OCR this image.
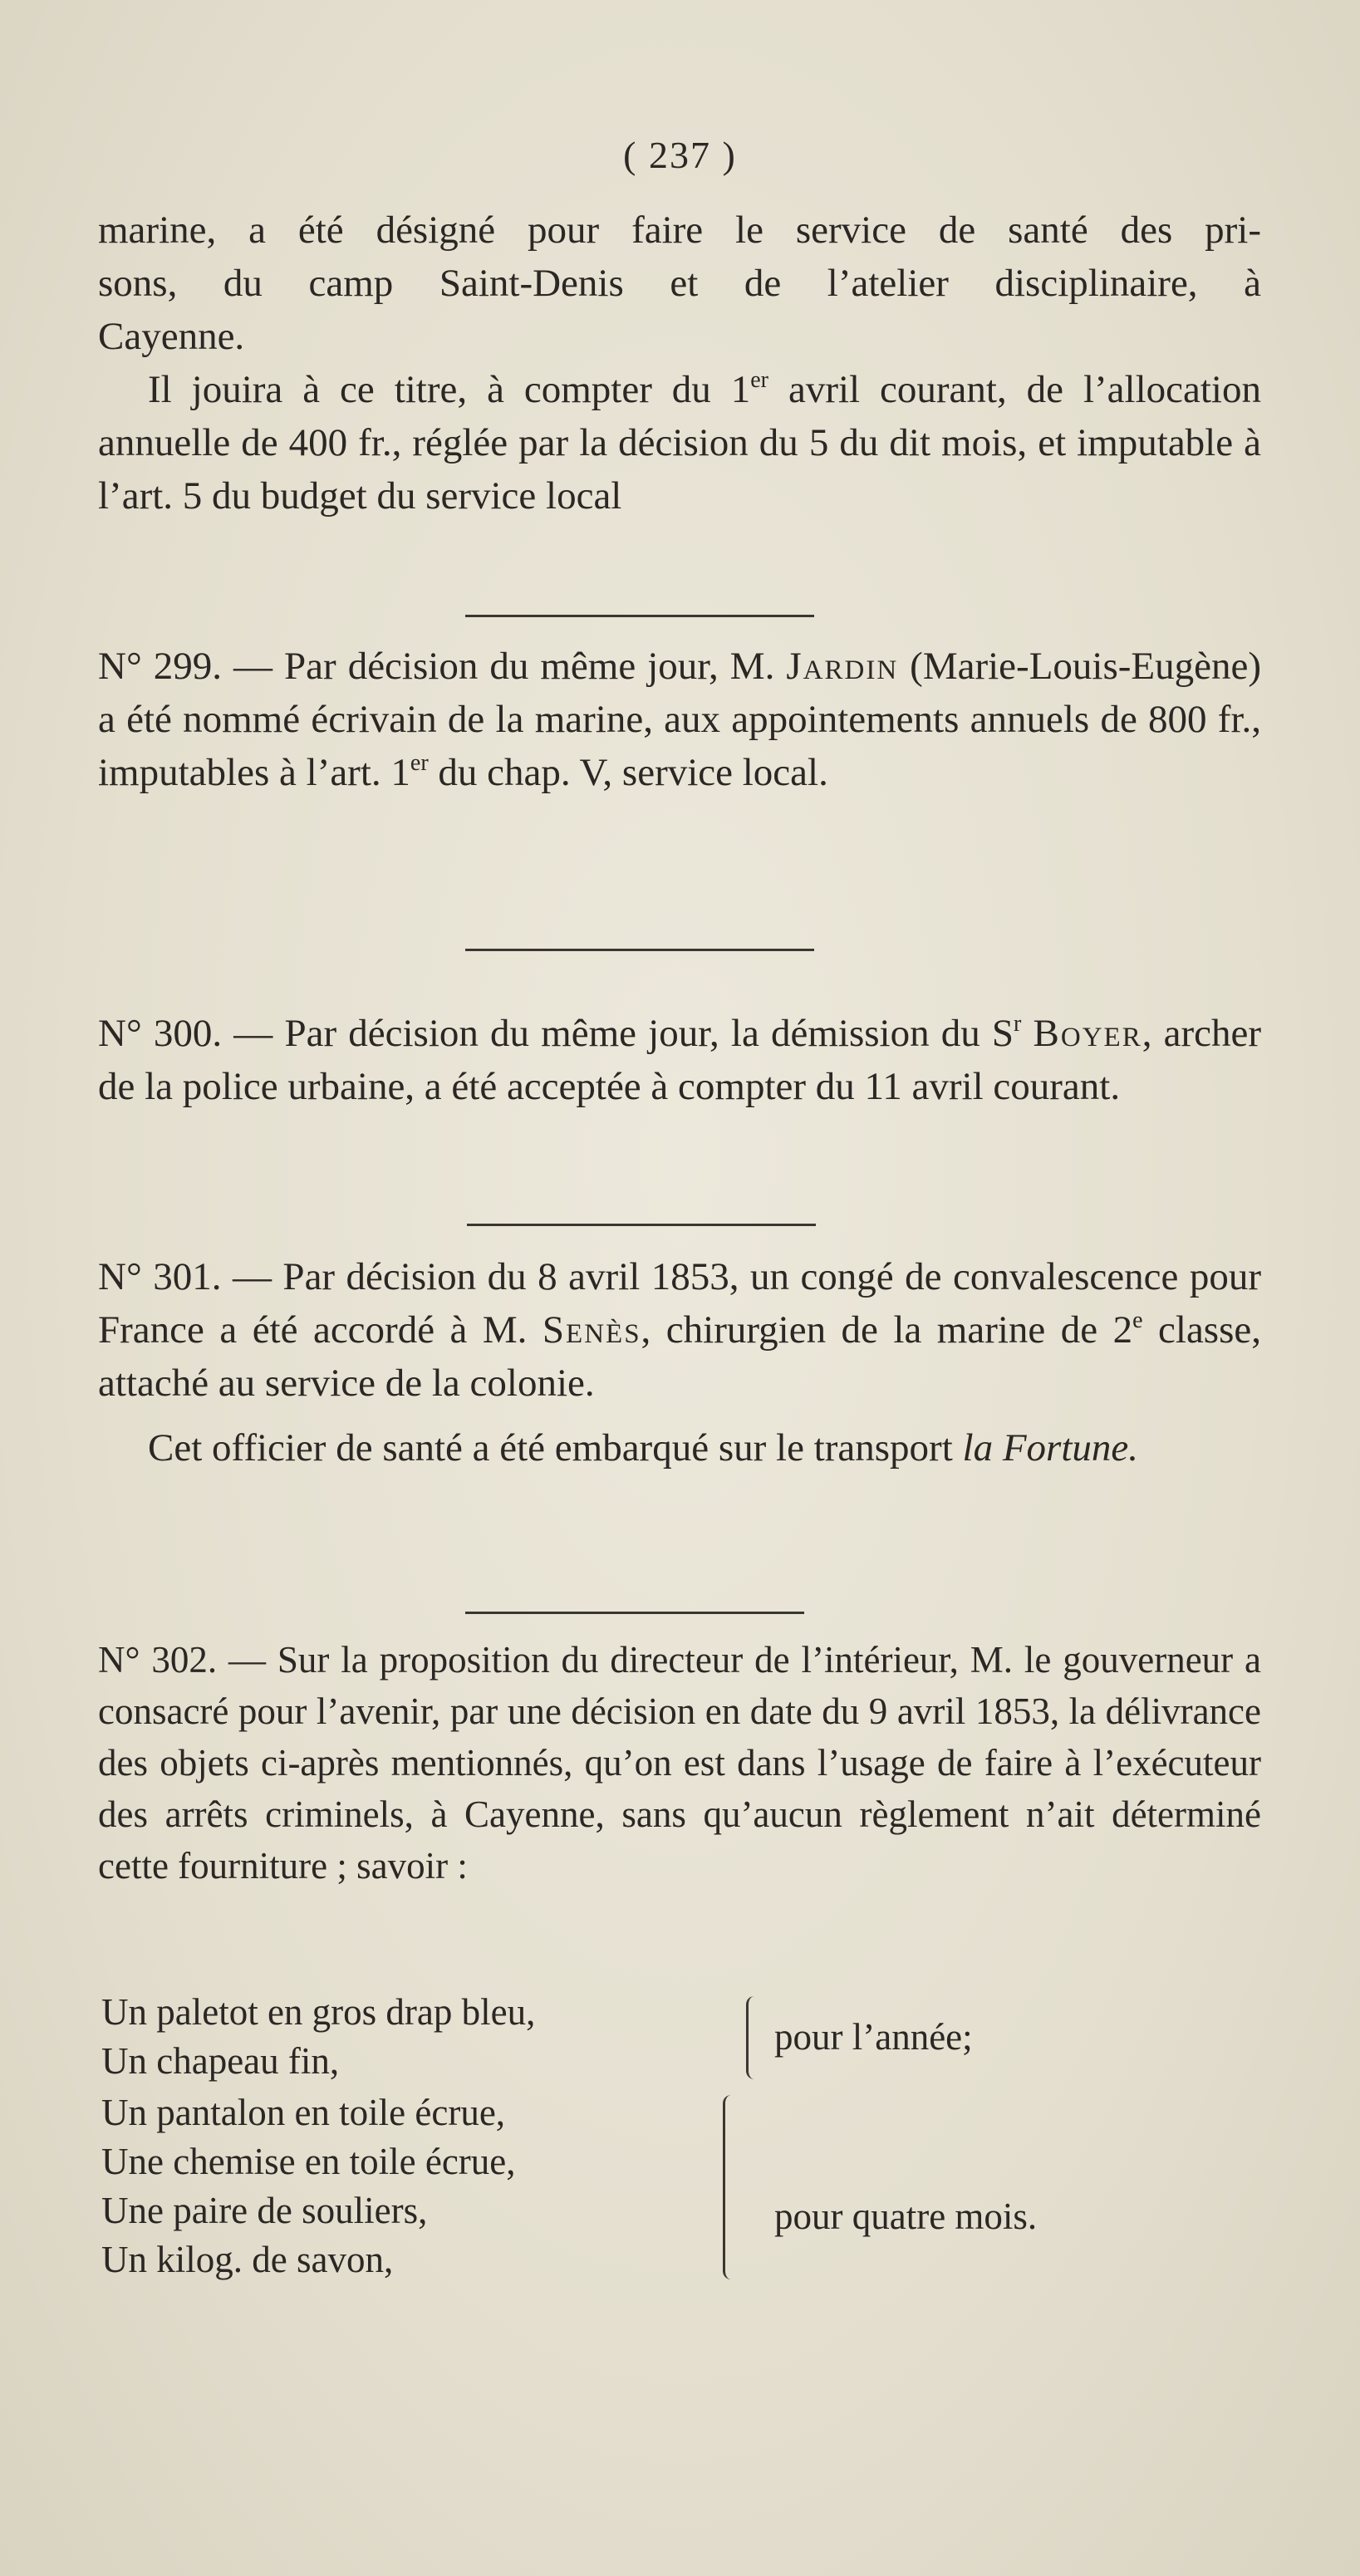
( 237 )

marine, a été désigné pour faire le service de santé des pri-

sons, du camp Saint-Denis et de l’atelier disciplinaire, à

Cayenne.

Il jouira à ce titre, à compter du 1er avril courant, de l’allocation annuelle de 400 fr., réglée par la décision du 5 du dit mois, et imputable à l’art. 5 du budget du service local

N° 299. — Par décision du même jour, M. Jardin (Marie-Louis-Eugène) a été nommé écrivain de la marine, aux appointements annuels de 800 fr., imputables à l’art. 1er du chap. V, service local.

N° 300. — Par décision du même jour, la démission du $S^r$ Boyer, archer de la police urbaine, a été acceptée à compter du 11 avril courant.

N° 301. — Par décision du 8 avril 1853, un congé de convalescence pour France a été accordé à M. Senès, chirurgien de la marine de 2e classe, attaché au service de la colonie.

Cet officier de santé a été embarqué sur le transport la Fortune.

N° 302. — Sur la proposition du directeur de l’intérieur, M. le gouverneur a consacré pour l’avenir, par une décision en date du 9 avril 1853, la délivrance des objets ci-après mentionnés, qu’on est dans l’usage de faire à l’exécuteur des arrêts criminels, à Cayenne, sans qu’aucun règlement n’ait déterminé cette fourniture ; savoir :

Un paletot en gros drap bleu,
Un chapeau fin,
pour l’année;
Un pantalon en toile écrue,
Une chemise en toile écrue,
Une paire de souliers,
Un kilog. de savon,
pour quatre mois.
